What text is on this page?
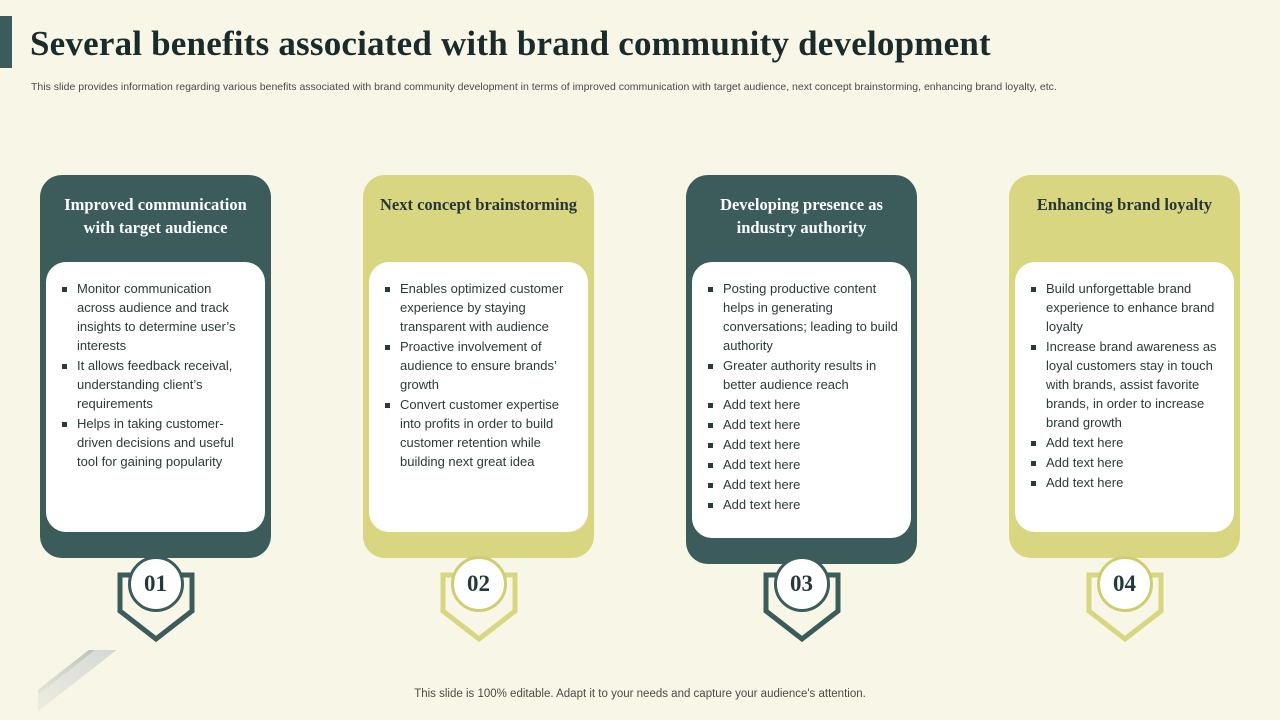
Several benefits associated with brand community development
This slide provides information regarding various benefits associated with brand community development in terms of improved communication with target audience, next concept brainstorming, enhancing brand loyalty, etc.
Improved communication with target audience
Monitor communication across audience and track insights to determine user’s interests
It allows feedback receival, understanding client’s requirements
Helps in taking customer-driven decisions and useful tool for gaining popularity
01
Next concept brainstorming
Enables optimized customer experience by staying transparent with audience
Proactive involvement of audience to ensure brands’ growth
Convert customer expertise into profits in order to build customer retention while building next great idea
02
Developing presence as industry authority
Posting productive content helps in generating conversations; leading to build authority
Greater authority results in better audience reach
Add text here
Add text here
Add text here
Add text here
Add text here
Add text here
03
Enhancing brand loyalty
Build unforgettable brand experience to enhance brand loyalty
Increase brand awareness as loyal customers stay in touch with brands, assist favorite brands, in order to increase brand growth
Add text here
Add text here
Add text here
04
This slide is 100% editable. Adapt it to your needs and capture your audience's attention.
